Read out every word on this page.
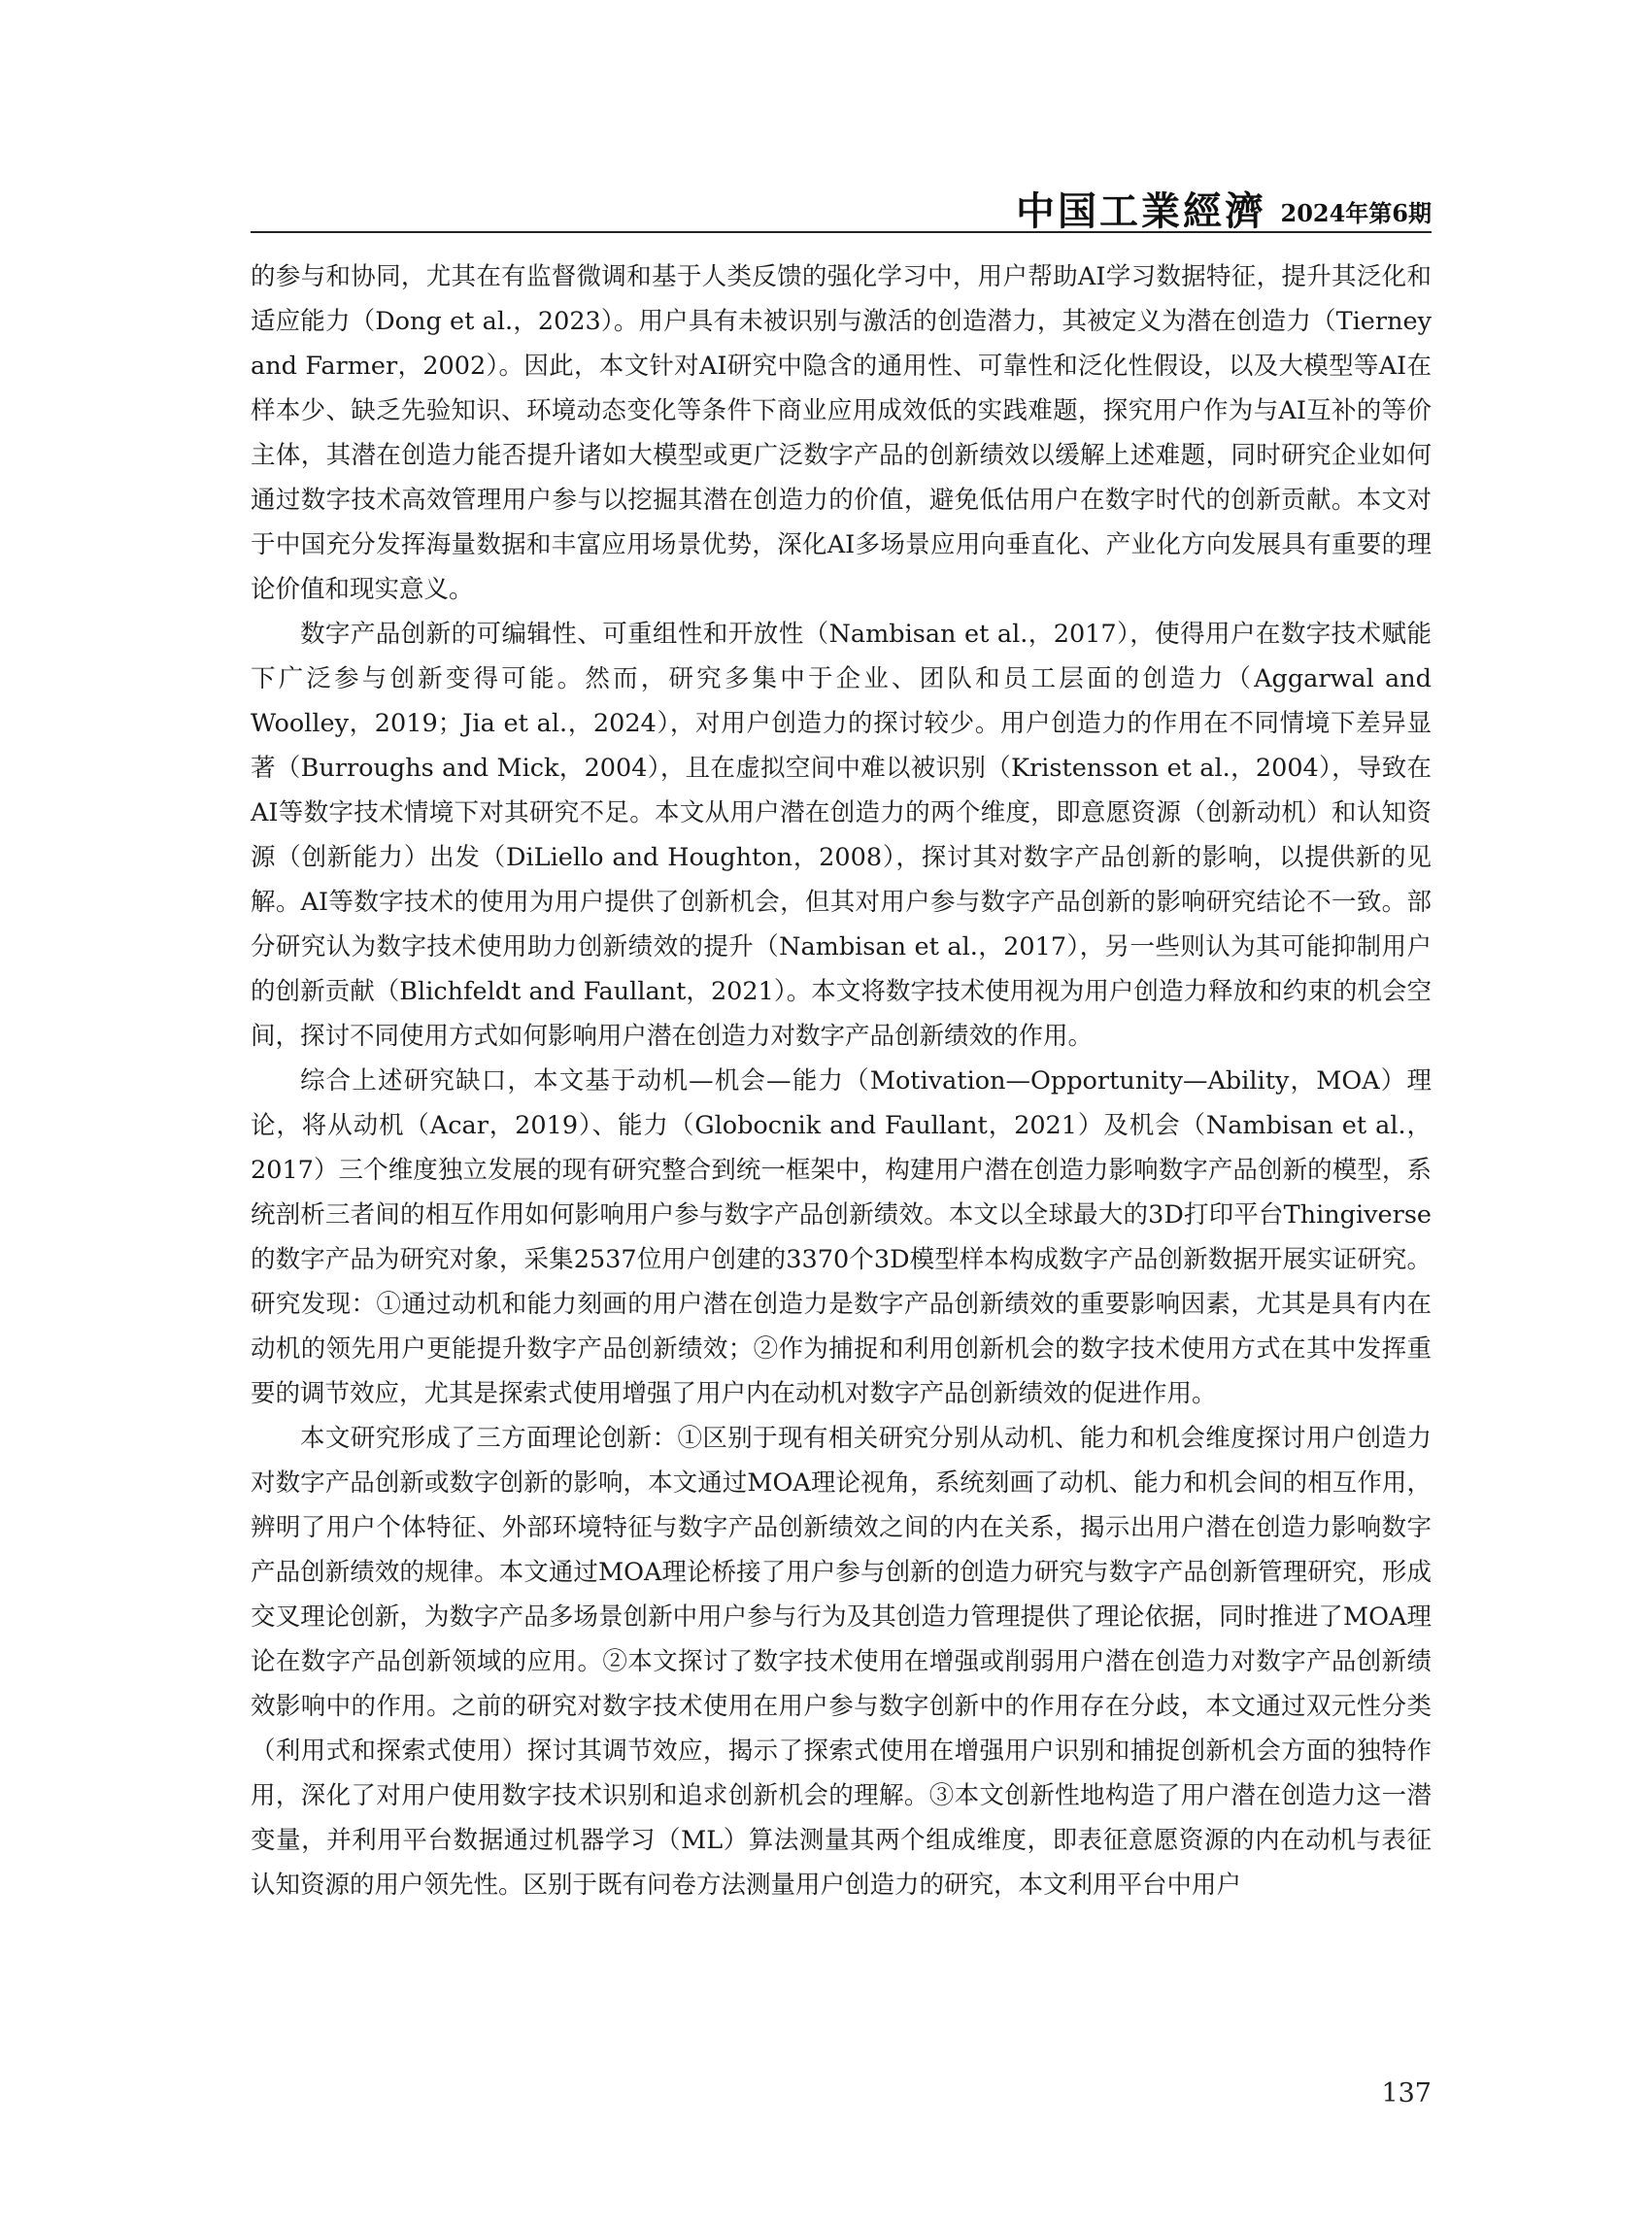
中国工業經濟 2024年第6期

的参与和协同，尤其在有监督微调和基于人类反馈的强化学习中，用户帮助AI学习数据特征，提升其泛化和适应能力（Dong et al.，2023）。用户具有未被识别与激活的创造潜力，其被定义为潜在创造力（Tierney and Farmer，2002）。因此，本文针对AI研究中隐含的通用性、可靠性和泛化性假设，以及大模型等AI在样本少、缺乏先验知识、环境动态变化等条件下商业应用成效低的实践难题，探究用户作为与AI互补的等价主体，其潜在创造力能否提升诸如大模型或更广泛数字产品的创新绩效以缓解上述难题，同时研究企业如何通过数字技术高效管理用户参与以挖掘其潜在创造力的价值，避免低估用户在数字时代的创新贡献。本文对于中国充分发挥海量数据和丰富应用场景优势，深化AI多场景应用向垂直化、产业化方向发展具有重要的理论价值和现实意义。

数字产品创新的可编辑性、可重组性和开放性（Nambisan et al.，2017），使得用户在数字技术赋能下广泛参与创新变得可能。然而，研究多集中于企业、团队和员工层面的创造力（Aggarwal and Woolley，2019；Jia et al.，2024），对用户创造力的探讨较少。用户创造力的作用在不同情境下差异显著（Burroughs and Mick，2004），且在虚拟空间中难以被识别（Kristensson et al.，2004），导致在AI等数字技术情境下对其研究不足。本文从用户潜在创造力的两个维度，即意愿资源（创新动机）和认知资源（创新能力）出发（DiLiello and Houghton，2008），探讨其对数字产品创新的影响，以提供新的见解。AI等数字技术的使用为用户提供了创新机会，但其对用户参与数字产品创新的影响研究结论不一致。部分研究认为数字技术使用助力创新绩效的提升（Nambisan et al.，2017），另一些则认为其可能抑制用户的创新贡献（Blichfeldt and Faullant，2021）。本文将数字技术使用视为用户创造力释放和约束的机会空间，探讨不同使用方式如何影响用户潜在创造力对数字产品创新绩效的作用。

综合上述研究缺口，本文基于动机—机会—能力（Motivation—Opportunity—Ability，MOA）理论，将从动机（Acar，2019）、能力（Globocnik and Faullant，2021）及机会（Nambisan et al.，2017）三个维度独立发展的现有研究整合到统一框架中，构建用户潜在创造力影响数字产品创新的模型，系统剖析三者间的相互作用如何影响用户参与数字产品创新绩效。本文以全球最大的3D打印平台Thingiverse的数字产品为研究对象，采集2537位用户创建的3370个3D模型样本构成数字产品创新数据开展实证研究。研究发现：①通过动机和能力刻画的用户潜在创造力是数字产品创新绩效的重要影响因素，尤其是具有内在动机的领先用户更能提升数字产品创新绩效；②作为捕捉和利用创新机会的数字技术使用方式在其中发挥重要的调节效应，尤其是探索式使用增强了用户内在动机对数字产品创新绩效的促进作用。

本文研究形成了三方面理论创新：①区别于现有相关研究分别从动机、能力和机会维度探讨用户创造力对数字产品创新或数字创新的影响，本文通过MOA理论视角，系统刻画了动机、能力和机会间的相互作用，辨明了用户个体特征、外部环境特征与数字产品创新绩效之间的内在关系，揭示出用户潜在创造力影响数字产品创新绩效的规律。本文通过MOA理论桥接了用户参与创新的创造力研究与数字产品创新管理研究，形成交叉理论创新，为数字产品多场景创新中用户参与行为及其创造力管理提供了理论依据，同时推进了MOA理论在数字产品创新领域的应用。②本文探讨了数字技术使用在增强或削弱用户潜在创造力对数字产品创新绩效影响中的作用。之前的研究对数字技术使用在用户参与数字创新中的作用存在分歧，本文通过双元性分类（利用式和探索式使用）探讨其调节效应，揭示了探索式使用在增强用户识别和捕捉创新机会方面的独特作用，深化了对用户使用数字技术识别和追求创新机会的理解。③本文创新性地构造了用户潜在创造力这一潜变量，并利用平台数据通过机器学习（ML）算法测量其两个组成维度，即表征意愿资源的内在动机与表征认知资源的用户领先性。区别于既有问卷方法测量用户创造力的研究，本文利用平台中用户

137
